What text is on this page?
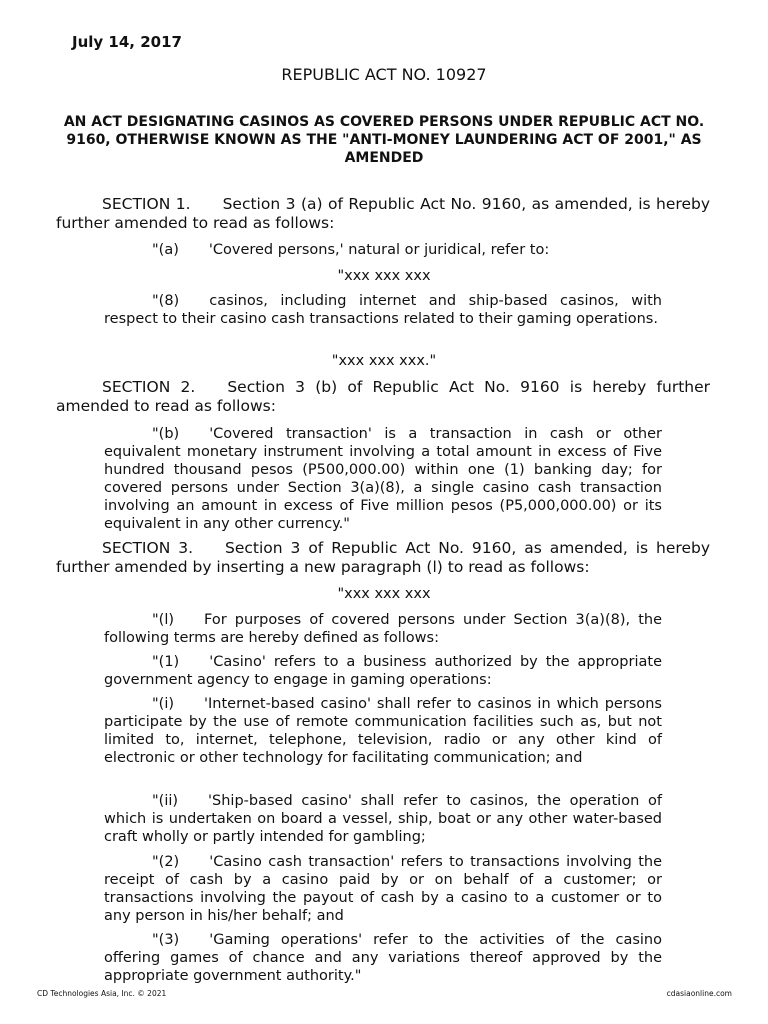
July 14, 2017
REPUBLIC ACT NO. 10927
AN ACT DESIGNATING CASINOS AS COVERED PERSONS UNDER REPUBLIC ACT NO. 9160, OTHERWISE KNOWN AS THE "ANTI-MONEY LAUNDERING ACT OF 2001," AS AMENDED
SECTION 1. Section 3 (a) of Republic Act No. 9160, as amended, is hereby further amended to read as follows:
"(a) 'Covered persons,' natural or juridical, refer to:
"xxx xxx xxx
"(8) casinos, including internet and ship-based casinos, with respect to their casino cash transactions related to their gaming operations.
"xxx xxx xxx."
SECTION 2. Section 3 (b) of Republic Act No. 9160 is hereby further amended to read as follows:
"(b) 'Covered transaction' is a transaction in cash or other equivalent monetary instrument involving a total amount in excess of Five hundred thousand pesos (P500,000.00) within one (1) banking day; for covered persons under Section 3(a)(8), a single casino cash transaction involving an amount in excess of Five million pesos (P5,000,000.00) or its equivalent in any other currency."
SECTION 3. Section 3 of Republic Act No. 9160, as amended, is hereby further amended by inserting a new paragraph (l) to read as follows:
"xxx xxx xxx
"(l) For purposes of covered persons under Section 3(a)(8), the following terms are hereby defined as follows:
"(1) 'Casino' refers to a business authorized by the appropriate government agency to engage in gaming operations:
"(i) 'Internet-based casino' shall refer to casinos in which persons participate by the use of remote communication facilities such as, but not limited to, internet, telephone, television, radio or any other kind of electronic or other technology for facilitating communication; and
"(ii) 'Ship-based casino' shall refer to casinos, the operation of which is undertaken on board a vessel, ship, boat or any other water-based craft wholly or partly intended for gambling;
"(2) 'Casino cash transaction' refers to transactions involving the receipt of cash by a casino paid by or on behalf of a customer; or transactions involving the payout of cash by a casino to a customer or to any person in his/her behalf; and
"(3) 'Gaming operations' refer to the activities of the casino offering games of chance and any variations thereof approved by the appropriate government authority."
CD Technologies Asia, Inc. © 2021	cdasiaonline.com
